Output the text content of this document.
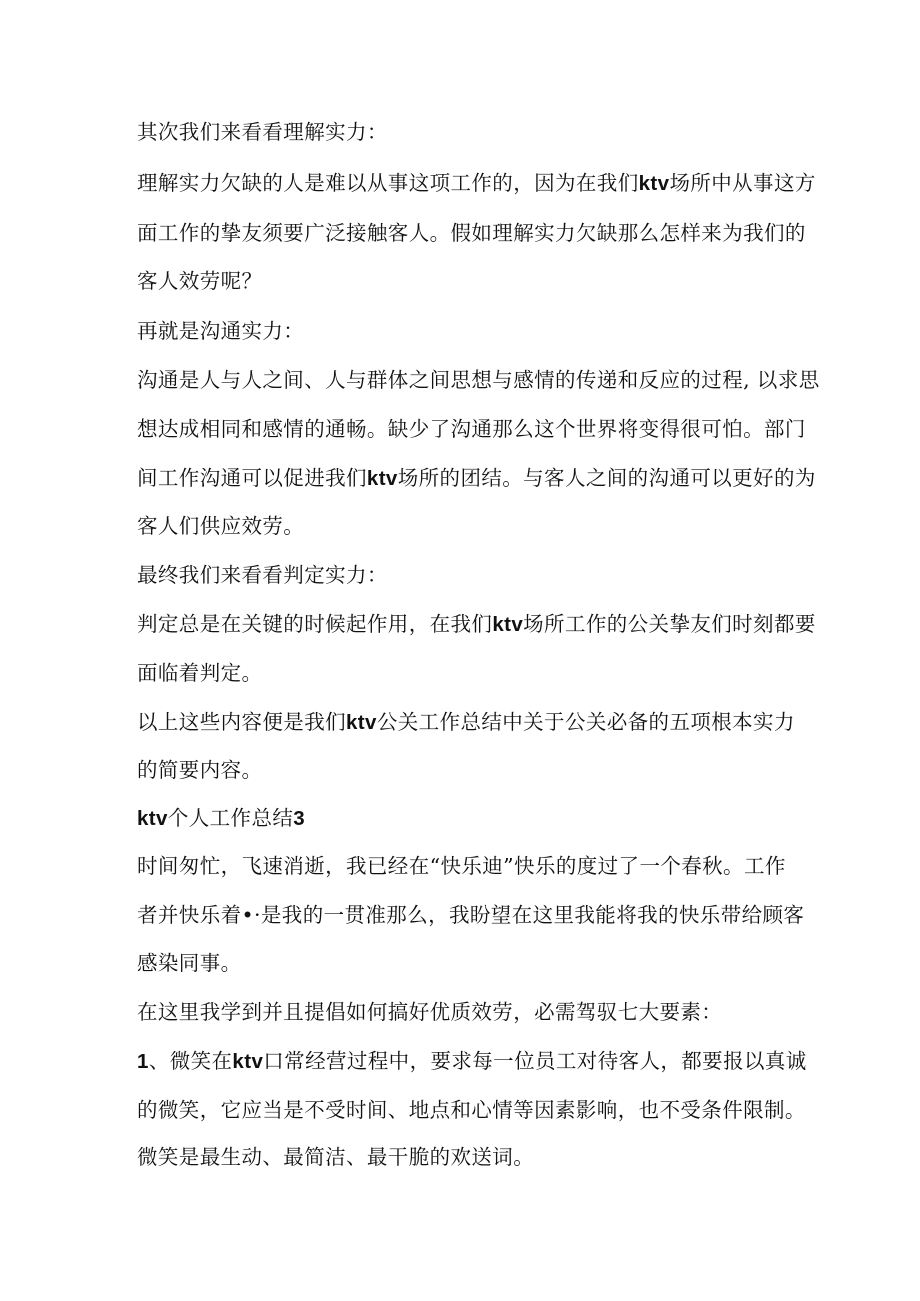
其次我们来看看理解实力：
理解实力欠缺的人是难以从事这项工作的，因为在我们ktv场所中从事这方
面工作的挚友须要广泛接触客人。假如理解实力欠缺那么怎样来为我们的
客人效劳呢？
再就是沟通实力：
沟通是人与人之间、人与群体之间思想与感情的传递和反应的过程, 以求思
想达成相同和感情的通畅。缺少了沟通那么这个世界将变得很可怕。部门
间工作沟通可以促进我们ktv场所的团结。与客人之间的沟通可以更好的为
客人们供应效劳。
最终我们来看看判定实力：
判定总是在关键的时候起作用，在我们ktv场所工作的公关挚友们时刻都要
面临着判定。
以上这些内容便是我们ktv公关工作总结中关于公关必备的五项根本实力
的简要内容。
ktv个人工作总结3
时间匆忙，飞速消逝，我已经在“快乐迪”快乐的度过了一个春秋。工作
者并快乐着•·是我的一贯准那么，我盼望在这里我能将我的快乐带给顾客
感染同事。
在这里我学到并且提倡如何搞好优质效劳，必需驾驭七大要素：
1、微笑在ktv口常经营过程中，要求每一位员工对待客人，都要报以真诚
的微笑，它应当是不受时间、地点和心情等因素影响，也不受条件限制。
微笑是最生动、最简洁、最干脆的欢送词。
